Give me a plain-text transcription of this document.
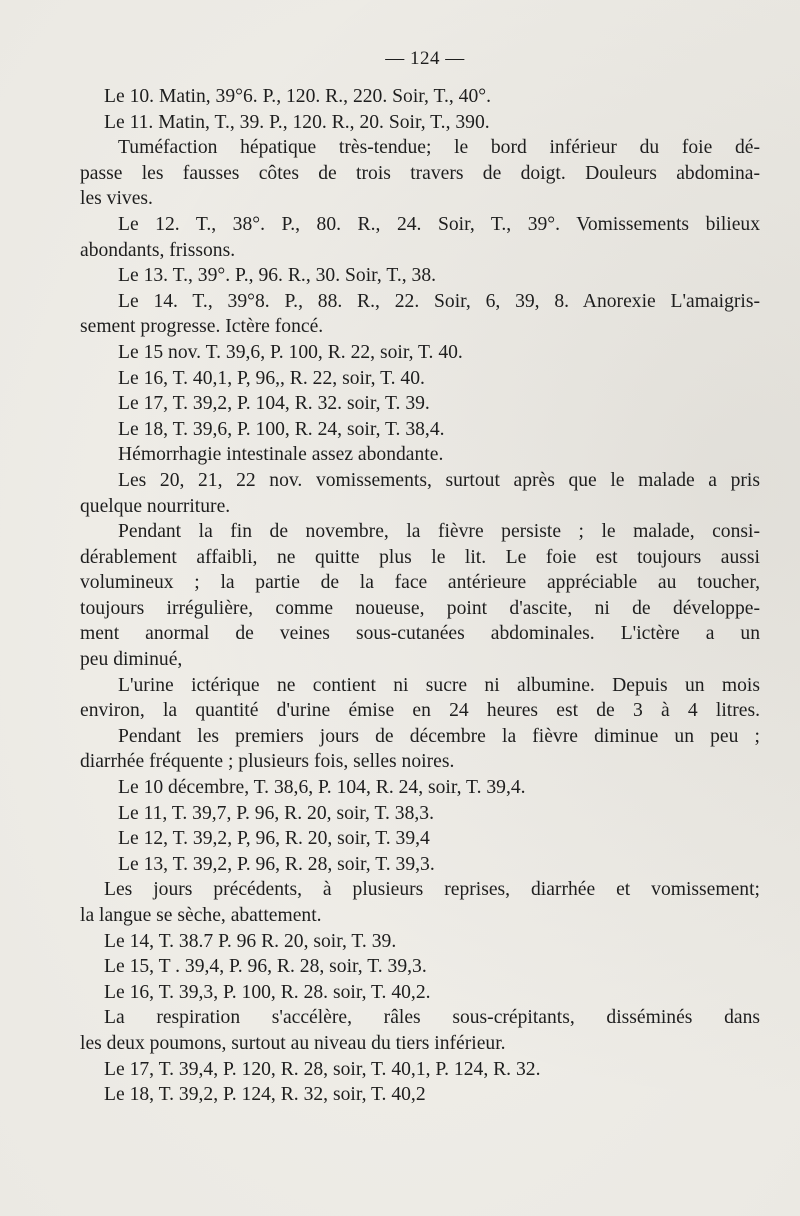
— 124 —
Le 10. Matin, 39°6. P., 120. R., 220. Soir, T., 40°.
Le 11. Matin, T., 39. P., 120. R., 20. Soir, T., 390.
Tuméfaction hépatique très-tendue; le bord inférieur du foie dé-
passe les fausses côtes de trois travers de doigt. Douleurs abdomina-
les vives.
Le 12. T., 38°. P., 80. R., 24. Soir, T., 39°. Vomissements bilieux
abondants, frissons.
Le 13. T., 39°. P., 96. R., 30. Soir, T., 38.
Le 14. T., 39°8. P., 88. R., 22. Soir, 6, 39, 8. Anorexie L'amaigris-
sement progresse. Ictère foncé.
Le 15 nov. T. 39,6, P. 100, R. 22, soir, T. 40.
Le 16, T. 40,1, P, 96,, R. 22, soir, T. 40.
Le 17, T. 39,2, P. 104, R. 32. soir, T. 39.
Le 18, T. 39,6, P. 100, R. 24, soir, T. 38,4.
Hémorrhagie intestinale assez abondante.
Les 20, 21, 22 nov. vomissements, surtout après que le malade a pris
quelque nourriture.
Pendant la fin de novembre, la fièvre persiste ; le malade, consi-
dérablement affaibli, ne quitte plus le lit. Le foie est toujours aussi
volumineux ; la partie de la face antérieure appréciable au toucher,
toujours irrégulière, comme noueuse, point d'ascite, ni de développe-
ment anormal de veines sous-cutanées abdominales. L'ictère a un
peu diminué,
L'urine ictérique ne contient ni sucre ni albumine. Depuis un mois
environ, la quantité d'urine émise en 24 heures est de 3 à 4 litres.
Pendant les premiers jours de décembre la fièvre diminue un peu ;
diarrhée fréquente ; plusieurs fois, selles noires.
Le 10 décembre, T. 38,6, P. 104, R. 24, soir, T. 39,4.
Le 11, T. 39,7, P. 96, R. 20, soir, T. 38,3.
Le 12, T. 39,2, P, 96, R. 20, soir, T. 39,4
Le 13, T. 39,2, P. 96, R. 28, soir, T. 39,3.
Les jours précédents, à plusieurs reprises, diarrhée et vomissement;
la langue se sèche, abattement.
Le 14, T. 38.7 P. 96 R. 20, soir, T. 39.
Le 15, T . 39,4, P. 96, R. 28, soir, T. 39,3.
Le 16, T. 39,3, P. 100, R. 28. soir, T. 40,2.
La respiration s'accélère, râles sous-crépitants, disséminés dans
les deux poumons, surtout au niveau du tiers inférieur.
Le 17, T. 39,4, P. 120, R. 28, soir, T. 40,1, P. 124, R. 32.
Le 18, T. 39,2, P. 124, R. 32, soir, T. 40,2
